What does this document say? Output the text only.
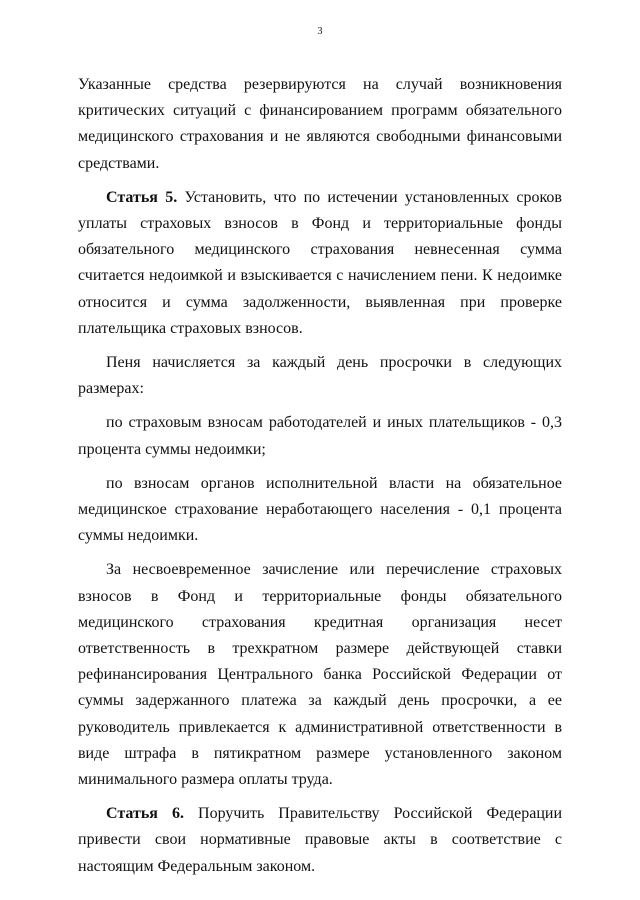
3

Указанные средства резервируются на случай возникновения критических ситуаций с финансированием программ обязательного медицинского страхования и не являются свободными финансовыми средствами.

Статья 5. Установить, что по истечении установленных сроков уплаты страховых взносов в Фонд и территориальные фонды обязательного медицинского страхования невнесенная сумма считается недоимкой и взыскивается с начислением пени. К недоимке относится и сумма задолженности, выявленная при проверке плательщика страховых взносов.

Пеня начисляется за каждый день просрочки в следующих размерах:

по страховым взносам работодателей и иных плательщиков - 0,3 процента суммы недоимки;

по взносам органов исполнительной власти на обязательное медицинское страхование неработающего населения - 0,1 процента суммы недоимки.

За несвоевременное зачисление или перечисление страховых взносов в Фонд и территориальные фонды обязательного медицинского страхования кредитная организация несет ответственность в трехкратном размере действующей ставки рефинансирования Центрального банка Российской Федерации от суммы задержанного платежа за каждый день просрочки, а ее руководитель привлекается к административной ответственности в виде штрафа в пятикратном размере установленного законом минимального размера оплаты труда.

Статья 6. Поручить Правительству Российской Федерации привести свои нормативные правовые акты в соответствие с настоящим Федеральным законом.
